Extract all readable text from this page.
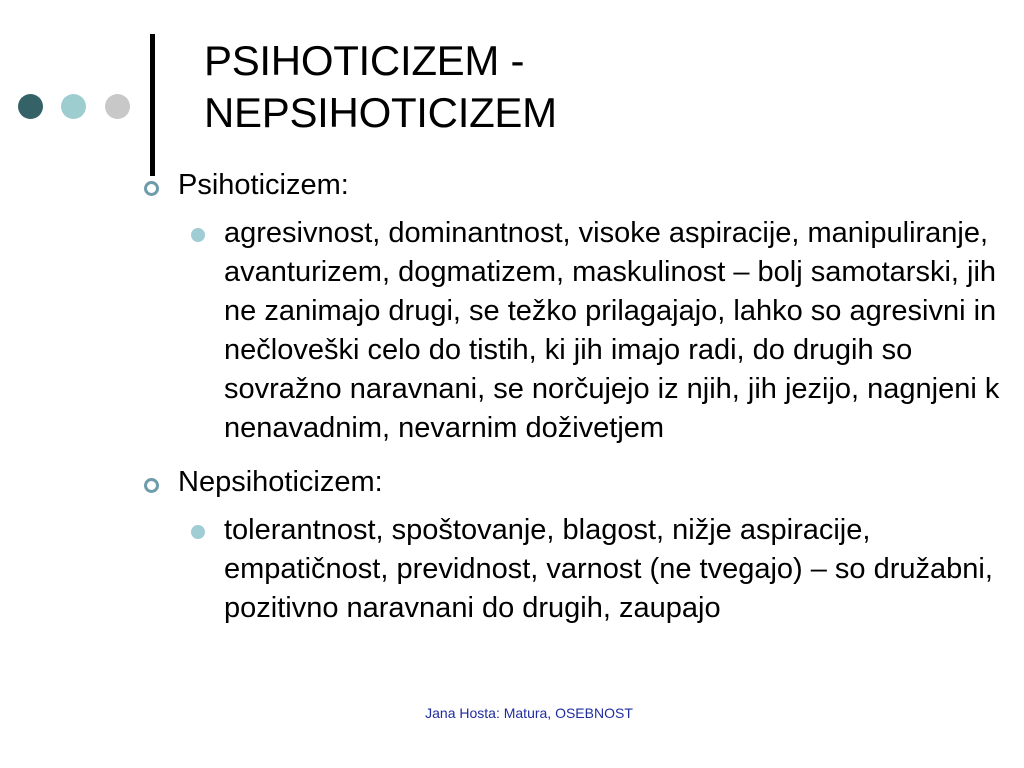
PSIHOTICIZEM -
NEPSIHOTICIZEM
Psihoticizem:
agresivnost, dominantnost, visoke aspiracije, manipuliranje, avanturizem, dogmatizem, maskulinost – bolj samotarski, jih ne zanimajo drugi, se težko prilagajajo, lahko so agresivni in nečloveški celo do tistih, ki jih imajo radi, do drugih so sovražno naravnani, se norčujejo iz njih, jih jezijo, nagnjeni k nenavadnim, nevarnim doživetjem
Nepsihoticizem:
tolerantnost, spoštovanje, blagost, nižje aspiracije, empatičnost, previdnost, varnost (ne tvegajo) – so družabni, pozitivno naravnani do drugih, zaupajo
Jana Hosta: Matura, OSEBNOST
